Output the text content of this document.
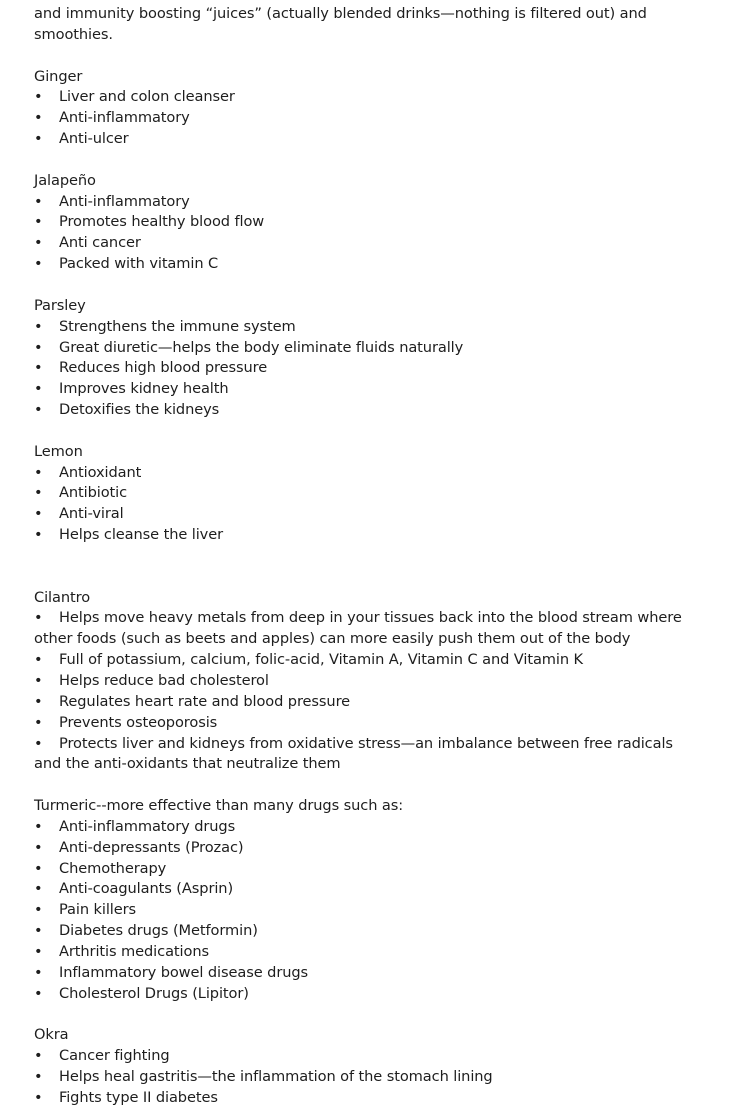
and immunity boosting “juices” (actually blended drinks—nothing is filtered out) and smoothies.

Ginger

• Liver and colon cleanser

• Anti-inflammatory

• Anti-ulcer

Jalapeño

• Anti-inflammatory

• Promotes healthy blood flow

• Anti cancer

• Packed with vitamin C

Parsley

• Strengthens the immune system

• Great diuretic—helps the body eliminate fluids naturally

• Reduces high blood pressure

• Improves kidney health

• Detoxifies the kidneys

Lemon

• Antioxidant

• Antibiotic

• Anti-viral

• Helps cleanse the liver

Cilantro

• Helps move heavy metals from deep in your tissues back into the blood stream where other foods (such as beets and apples) can more easily push them out of the body

• Full of potassium, calcium, folic-acid, Vitamin A, Vitamin C and Vitamin K

• Helps reduce bad cholesterol

• Regulates heart rate and blood pressure

• Prevents osteoporosis

• Protects liver and kidneys from oxidative stress—an imbalance between free radicals and the anti-oxidants that neutralize them

Turmeric--more effective than many drugs such as:

• Anti-inflammatory drugs

• Anti-depressants (Prozac)

• Chemotherapy

• Anti-coagulants (Asprin)

• Pain killers

• Diabetes drugs (Metformin)

• Arthritis medications

• Inflammatory bowel disease drugs

• Cholesterol Drugs (Lipitor)

Okra

• Cancer fighting

• Helps heal gastritis—the inflammation of the stomach lining

• Fights type II diabetes
